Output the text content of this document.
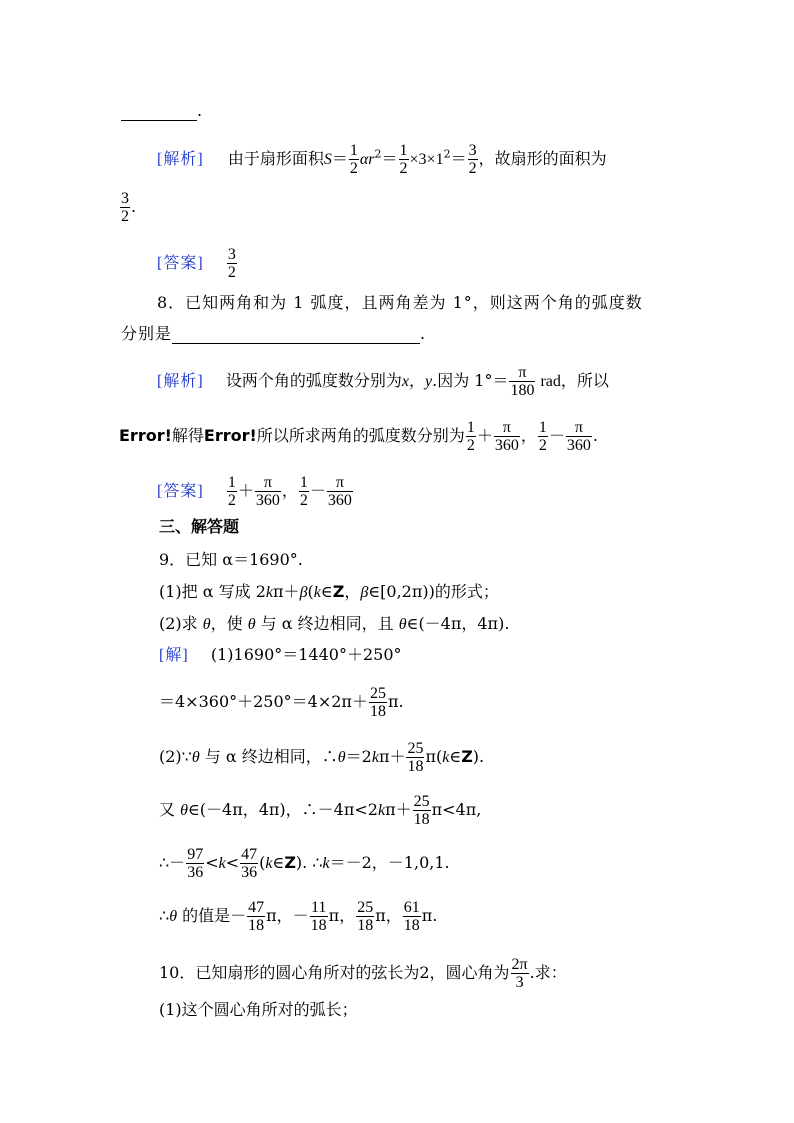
.
[解析] 由于扇形面积$S= \frac{1}{2} \alpha r^2= \frac{1}{2} \times 3\times 1^2= \frac{3}{2}$ ，故扇形的面积为
$\frac{3}{2}$ .
[答案] $\frac{3}{2}$
8．已知两角和为 1 弧度，且两角差为 1°，则这两个角的弧度数
分别是	.
[解析] 设两个角的弧度数分别为x，y.因为 $1^\circ= \frac{\pi}{180}$ rad，所以
Error!解得Error!所以所求两角的弧度数分别为 $\frac{1}{2} + \frac{\pi}{360}$ ， $\frac{1}{2} - \frac{\pi}{360}$ .
[答案] $\frac{1}{2} + \frac{\pi}{360}$ ， $\frac{1}{2} - \frac{\pi}{360}$
三、解答题
9．已知 α＝1690°.
(1)把 α 写成 2kπ＋β(k∈Z，β∈[0,2π))的形式；
(2)求 θ，使 θ 与 α 终边相同，且 θ∈(－4π，4π).
[解] (1)1690°＝1440°＋250°
$=4\times 360^\circ+250^\circ=4\times 2\pi+ \frac{25}{18} \pi$.
(2)∵θ 与 α 终边相同，∴θ＝2kπ＋ $\frac{25}{18}$ π(k∈Z).
又 θ∈(－4π，4π)，∴－4π<2kπ＋ $\frac{25}{18} \pi<4\pi$,
∴－ $\frac{97}{36} <k< \frac{47}{36}$ (k∈Z). ∴k＝－2，－1,0,1.
∴θ 的值是－ $\frac{47}{18}$ π，－ $\frac{11}{18}$ π， $\frac{25}{18}$ π， $\frac{61}{18} \pi$.
10．已知扇形的圆心角所对的弦长为2，圆心角为 $\frac{2\pi}{3}$ .求：
(1)这个圆心角所对的弧长；
